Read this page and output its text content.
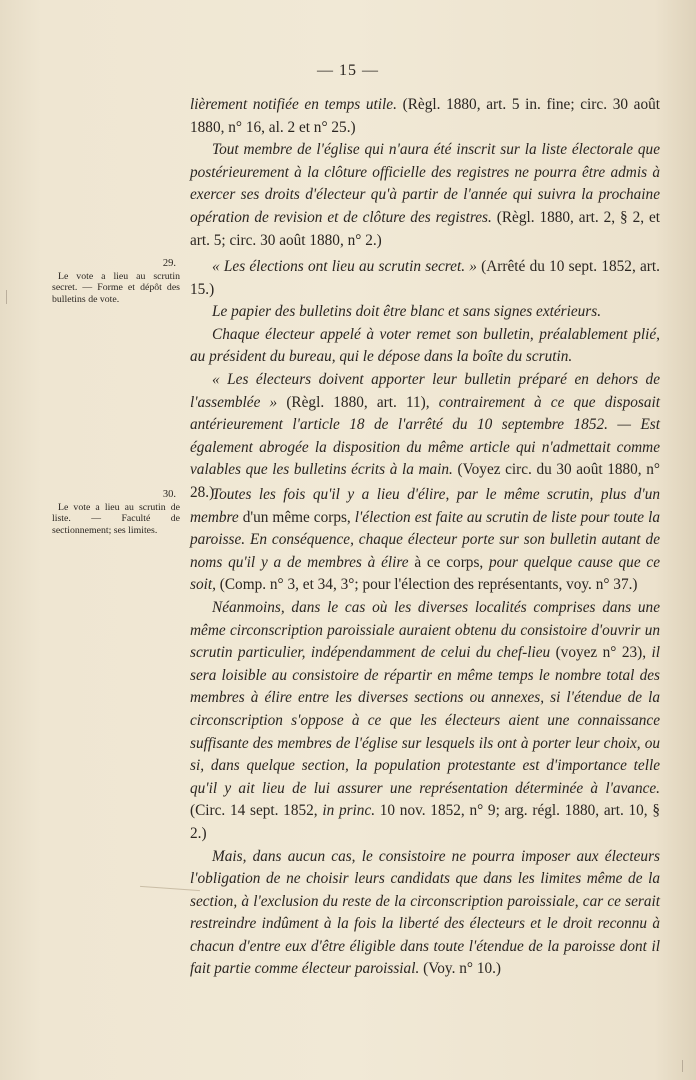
— 15 —

lièrement notifiée en temps utile. (Règl. 1880, art. 5 in. fine; circ. 30 août 1880, n° 16, al. 2 et n° 25.)

Tout membre de l'église qui n'aura été inscrit sur la liste électorale que postérieurement à la clôture officielle des registres ne pourra être admis à exercer ses droits d'électeur qu'à partir de l'année qui suivra la prochaine opération de revision et de clôture des registres. (Règl. 1880, art. 2, § 2, et art. 5; circ. 30 août 1880, n° 2.)

29.
Le vote a lieu au scrutin secret. — Forme et dépôt des bulletins de vote.

« Les élections ont lieu au scrutin secret. » (Arrêté du 10 sept. 1852, art. 15.)

Le papier des bulletins doit être blanc et sans signes extérieurs.

Chaque électeur appelé à voter remet son bulletin, préalablement plié, au président du bureau, qui le dépose dans la boîte du scrutin.

« Les électeurs doivent apporter leur bulletin préparé en dehors de l'assemblée » (Règl. 1880, art. 11), contrairement à ce que disposait antérieurement l'article 18 de l'arrêté du 10 septembre 1852. — Est également abrogée la disposition du même article qui n'admettait comme valables que les bulletins écrits à la main. (Voyez circ. du 30 août 1880, n° 28.)

30.
Le vote a lieu au scrutin de liste. — Faculté de sectionnement; ses limites.

Toutes les fois qu'il y a lieu d'élire, par le même scrutin, plus d'un membre d'un même corps, l'élection est faite au scrutin de liste pour toute la paroisse. En conséquence, chaque électeur porte sur son bulletin autant de noms qu'il y a de membres à élire à ce corps, pour quelque cause que ce soit, (Comp. n° 3, et 34, 3°; pour l'élection des représentants, voy. n° 37.)

Néanmoins, dans le cas où les diverses localités comprises dans une même circonscription paroissiale auraient obtenu du consistoire d'ouvrir un scrutin particulier, indépendamment de celui du chef-lieu (voyez n° 23), il sera loisible au consistoire de répartir en même temps le nombre total des membres à élire entre les diverses sections ou annexes, si l'étendue de la circonscription s'oppose à ce que les électeurs aient une connaissance suffisante des membres de l'église sur lesquels ils ont à porter leur choix, ou si, dans quelque section, la population protestante est d'importance telle qu'il y ait lieu de lui assurer une représentation déterminée à l'avance. (Circ. 14 sept. 1852, in princ. 10 nov. 1852, n° 9; arg. régl. 1880, art. 10, § 2.)

Mais, dans aucun cas, le consistoire ne pourra imposer aux électeurs l'obligation de ne choisir leurs candidats que dans les limites même de la section, à l'exclusion du reste de la circonscription paroissiale, car ce serait restreindre indûment à la fois la liberté des électeurs et le droit reconnu à chacun d'entre eux d'être éligible dans toute l'étendue de la paroisse dont il fait partie comme électeur paroissial. (Voy. n° 10.)
